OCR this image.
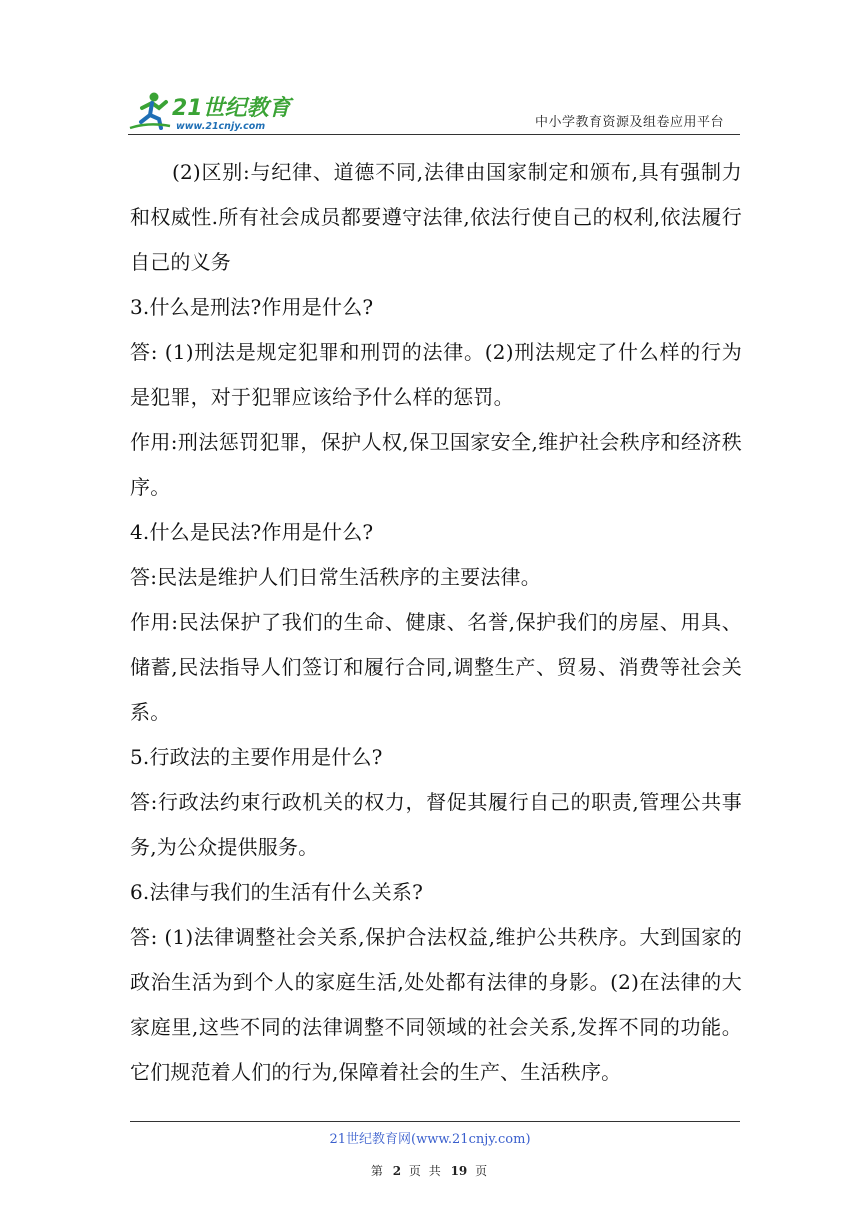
21世纪教育
www.21cnjy.com	中小学教育资源及组卷应用平台

(2)区别:与纪律、道德不同,法律由国家制定和颁布,具有强制力和权威性.所有社会成员都要遵守法律,依法行使自己的权利,依法履行自己的义务

3.什么是刑法?作用是什么?

答: (1)刑法是规定犯罪和刑罚的法律。(2)刑法规定了什么样的行为是犯罪，对于犯罪应该给予什么样的惩罚。

作用:刑法惩罚犯罪，保护人权,保卫国家安全,维护社会秩序和经济秩序。

4.什么是民法?作用是什么?

答:民法是维护人们日常生活秩序的主要法律。

作用:民法保护了我们的生命、健康、名誉,保护我们的房屋、用具、储蓄,民法指导人们签订和履行合同,调整生产、贸易、消费等社会关系。

5.行政法的主要作用是什么?

答:行政法约束行政机关的权力，督促其履行自己的职责,管理公共事务,为公众提供服务。

6.法律与我们的生活有什么关系?

答: (1)法律调整社会关系,保护合法权益,维护公共秩序。大到国家的政治生活为到个人的家庭生活,处处都有法律的身影。(2)在法律的大家庭里,这些不同的法律调整不同领域的社会关系,发挥不同的功能。它们规范着人们的行为,保障着社会的生产、生活秩序。

21世纪教育网(www.21cnjy.com)
第 2 页 共 19 页
